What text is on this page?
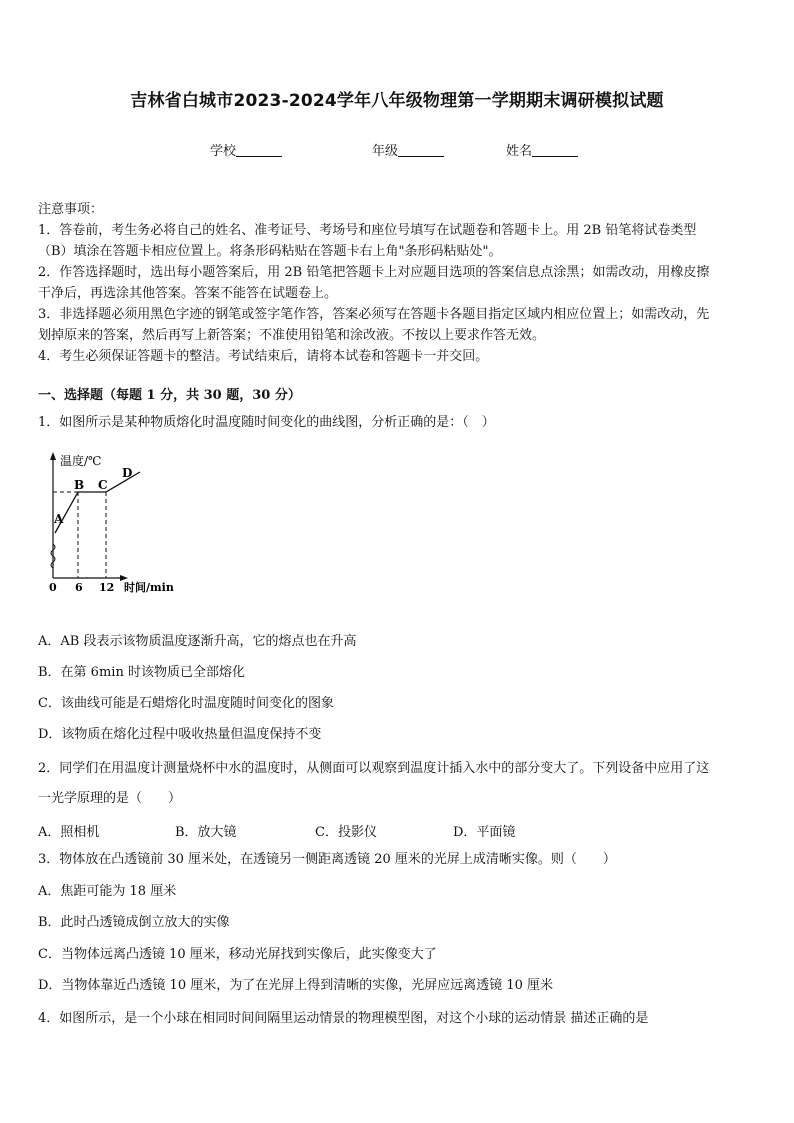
吉林省白城市2023-2024学年八年级物理第一学期期末调研模拟试题
学校	年级	姓名
注意事项：
1．答卷前，考生务必将自己的姓名、准考证号、考场号和座位号填写在试题卷和答题卡上。用 2B 铅笔将试卷类型
（B）填涂在答题卡相应位置上。将条形码粘贴在答题卡右上角"条形码粘贴处"。
2．作答选择题时，选出每小题答案后，用 2B 铅笔把答题卡上对应题目选项的答案信息点涂黑；如需改动，用橡皮擦
干净后，再选涂其他答案。答案不能答在试题卷上。
3．非选择题必须用黑色字迹的钢笔或签字笔作答，答案必须写在答题卡各题目指定区域内相应位置上；如需改动，先
划掉原来的答案，然后再写上新答案；不准使用铅笔和涂改液。不按以上要求作答无效。
4．考生必须保证答题卡的整洁。考试结束后，请将本试卷和答题卡一并交回。
一、选择题（每题 1 分，共 30 题，30 分）
1．如图所示是某种物质熔化时温度随时间变化的曲线图，分析正确的是：（　）
温度/℃
A
B C
D
0 6 12 时间/min
A．AB 段表示该物质温度逐渐升高，它的熔点也在升高
B．在第 6min 时该物质已全部熔化
C．该曲线可能是石蜡熔化时温度随时间变化的图象
D．该物质在熔化过程中吸收热量但温度保持不变
2．同学们在用温度计测量烧杯中水的温度时，从侧面可以观察到温度计插入水中的部分变大了。下列设备中应用了这
一光学原理的是（　　）
A．照相机	B．放大镜	C．投影仪	D．平面镜
3．物体放在凸透镜前 30 厘米处，在透镜另一侧距离透镜 20 厘米的光屏上成清晰实像。则（　　）
A．焦距可能为 18 厘米
B．此时凸透镜成倒立放大的实像
C．当物体远离凸透镜 10 厘米，移动光屏找到实像后，此实像变大了
D．当物体靠近凸透镜 10 厘米，为了在光屏上得到清晰的实像，光屏应远离透镜 10 厘米
4．如图所示，是一个小球在相同时间间隔里运动情景的物理模型图，对这个小球的运动情景 描述正确的是
